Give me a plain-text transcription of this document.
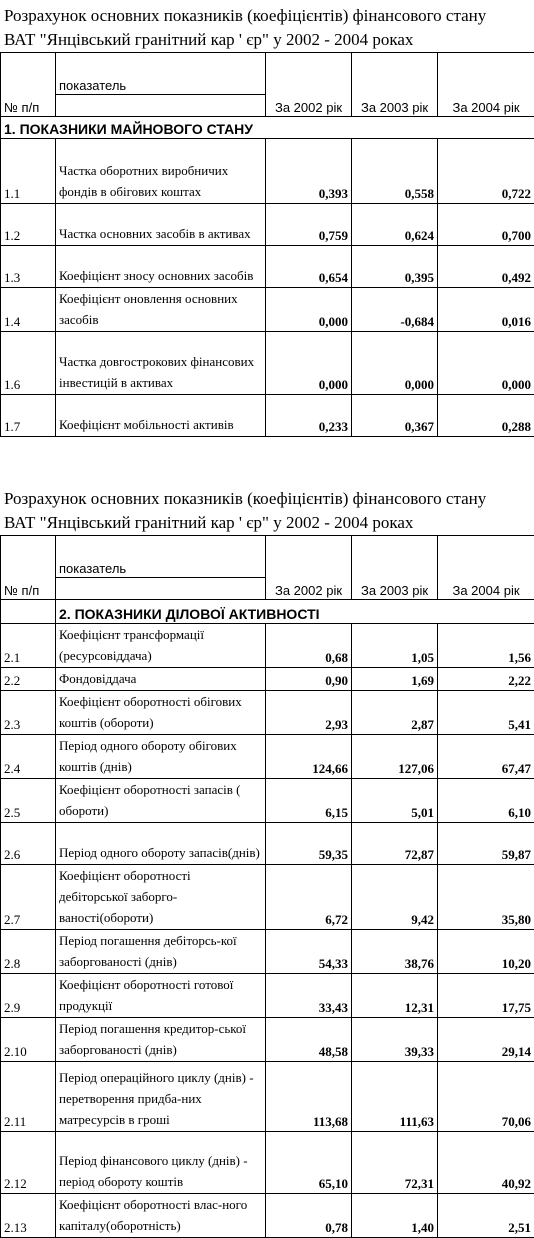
Розрахунок основних показників (коефіцієнтів) фінансового стану
ВАТ "Янцівський гранітний кар ' єр" у 2002 - 2004 роках
№ п/п	показатель	За 2002 рік	За 2003 рік	За 2004 рік

1. ПОКАЗНИКИ МАЙНОВОГО СТАНУ				
1.1	Частка оборотних виробничих фондів в обігових коштах	0,393	0,558	0,722
1.2	Частка основних засобів в активах	0,759	0,624	0,700
1.3	Коефіцієнт зносу основних засобів	0,654	0,395	0,492
1.4	Коефіцієнт оновлення основних засобів	0,000	-0,684	0,016
1.6	Частка довгострокових фінансових інвестицій в активах	0,000	0,000	0,000
1.7	Коефіцієнт мобільності активів	0,233	0,367	0,288
Розрахунок основних показників (коефіцієнтів) фінансового стану
ВАТ "Янцівський гранітний кар ' єр" у 2002 - 2004 роках
№ п/п	показатель	За 2002 рік	За 2003 рік	За 2004 рік

	2. ПОКАЗНИКИ ДІЛОВОЇ АКТИВНОСТІ			
2.1	Коефіцієнт трансформації (ресурсовіддача)	0,68	1,05	1,56
2.2	Фондовіддача	0,90	1,69	2,22
2.3	Коефіцієнт оборотності обігових коштів (обороти)	2,93	2,87	5,41
2.4	Період одного обороту обігових коштів (днів)	124,66	127,06	67,47
2.5	Коефіцієнт оборотності запасів ( обороти)	6,15	5,01	6,10
2.6	Період одного обороту запасів(днів)	59,35	72,87	59,87
2.7	Коефіцієнт оборотності дебіторської заборго-ваності(обороти)	6,72	9,42	35,80
2.8	Період погашення дебіторсь-кої заборгованості (днів)	54,33	38,76	10,20
2.9	Коефіцієнт оборотності готової продукції	33,43	12,31	17,75
2.10	Період погашення кредитор-ської заборгованості (днів)	48,58	39,33	29,14
2.11	Період операційного циклу (днів) - перетворення придба-них матресурсів в гроші	113,68	111,63	70,06
2.12	Період фінансового циклу (днів) - період обороту коштів	65,10	72,31	40,92
2.13	Коефіцієнт оборотності влас-ного капіталу(оборотність)	0,78	1,40	2,51
